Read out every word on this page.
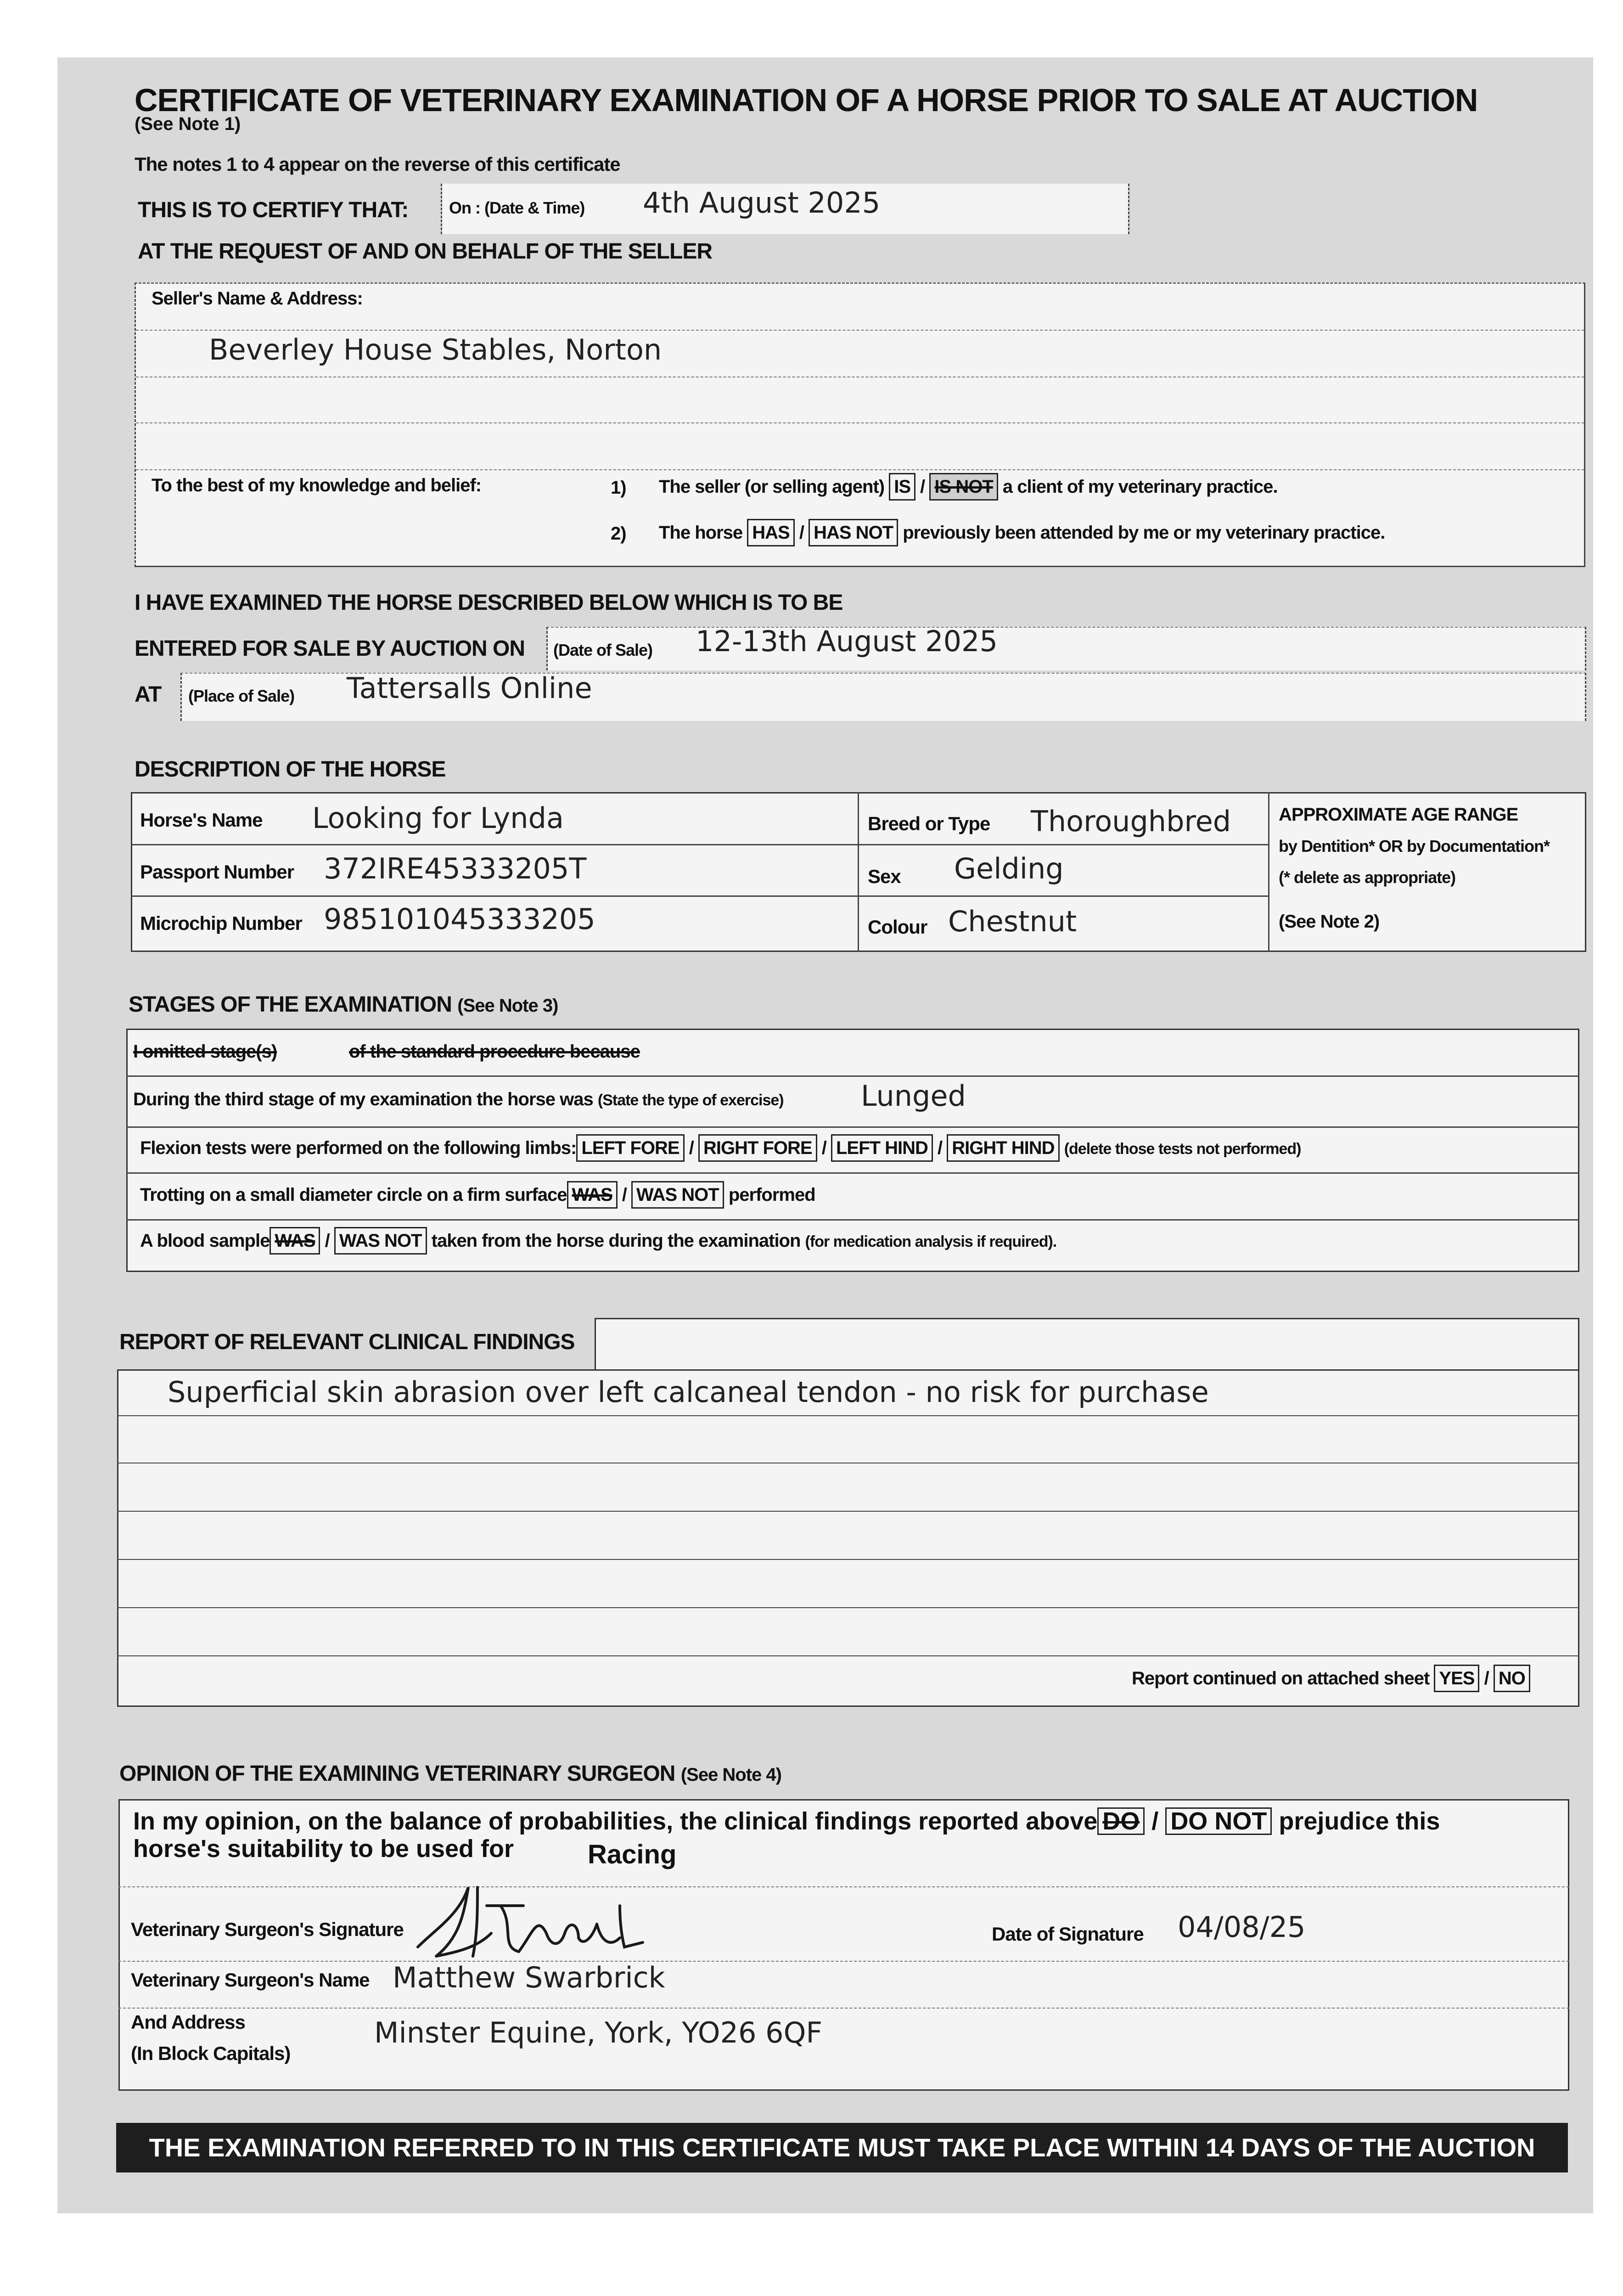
CERTIFICATE OF VETERINARY EXAMINATION OF A HORSE PRIOR TO SALE AT AUCTION
(See Note 1)
The notes 1 to 4 appear on the reverse of this certificate
THIS IS TO CERTIFY THAT: On : (Date & Time) 4th August 2025
AT THE REQUEST OF AND ON BEHALF OF THE SELLER
Seller's Name & Address:
Beverley House Stables, Norton
To the best of my knowledge and belief:	1) The seller (or selling agent) IS / IS NOT a client of my veterinary practice.
2) The horse HAS / HAS NOT previously been attended by me or my veterinary practice.
I HAVE EXAMINED THE HORSE DESCRIBED BELOW WHICH IS TO BE
ENTERED FOR SALE BY AUCTION ON (Date of Sale) 12-13th August 2025
AT (Place of Sale) Tattersalls Online
DESCRIPTION OF THE HORSE
Horse's Name Looking for Lynda
Passport Number 372IRE45333205T
Microchip Number 985101045333205
Breed or Type Thoroughbred
Sex Gelding
Colour Chestnut
APPROXIMATE AGE RANGE
by Dentition* OR by Documentation*
(* delete as appropriate)
(See Note 2)
STAGES OF THE EXAMINATION (See Note 3)
I omitted stage(s)	of the standard procedure because
During the third stage of my examination the horse was (State the type of exercise)	Lunged
Flexion tests were performed on the following limbs: LEFT FORE / RIGHT FORE / LEFT HIND / RIGHT HIND (delete those tests not performed)
Trotting on a small diameter circle on a firm surface WAS / WAS NOT performed
A blood sample WAS / WAS NOT taken from the horse during the examination (for medication analysis if required).
REPORT OF RELEVANT CLINICAL FINDINGS
Superficial skin abrasion over left calcaneal tendon - no risk for purchase
Report continued on attached sheet YES / NO
OPINION OF THE EXAMINING VETERINARY SURGEON (See Note 4)
In my opinion, on the balance of probabilities, the clinical findings reported above DO / DO NOT prejudice this
horse's suitability to be used for	Racing
Veterinary Surgeon's Signature	Date of Signature 04/08/25
Veterinary Surgeon's Name Matthew Swarbrick
And Address
(In Block Capitals)
Minster Equine, York, YO26 6QF
THE EXAMINATION REFERRED TO IN THIS CERTIFICATE MUST TAKE PLACE WITHIN 14 DAYS OF THE AUCTION
